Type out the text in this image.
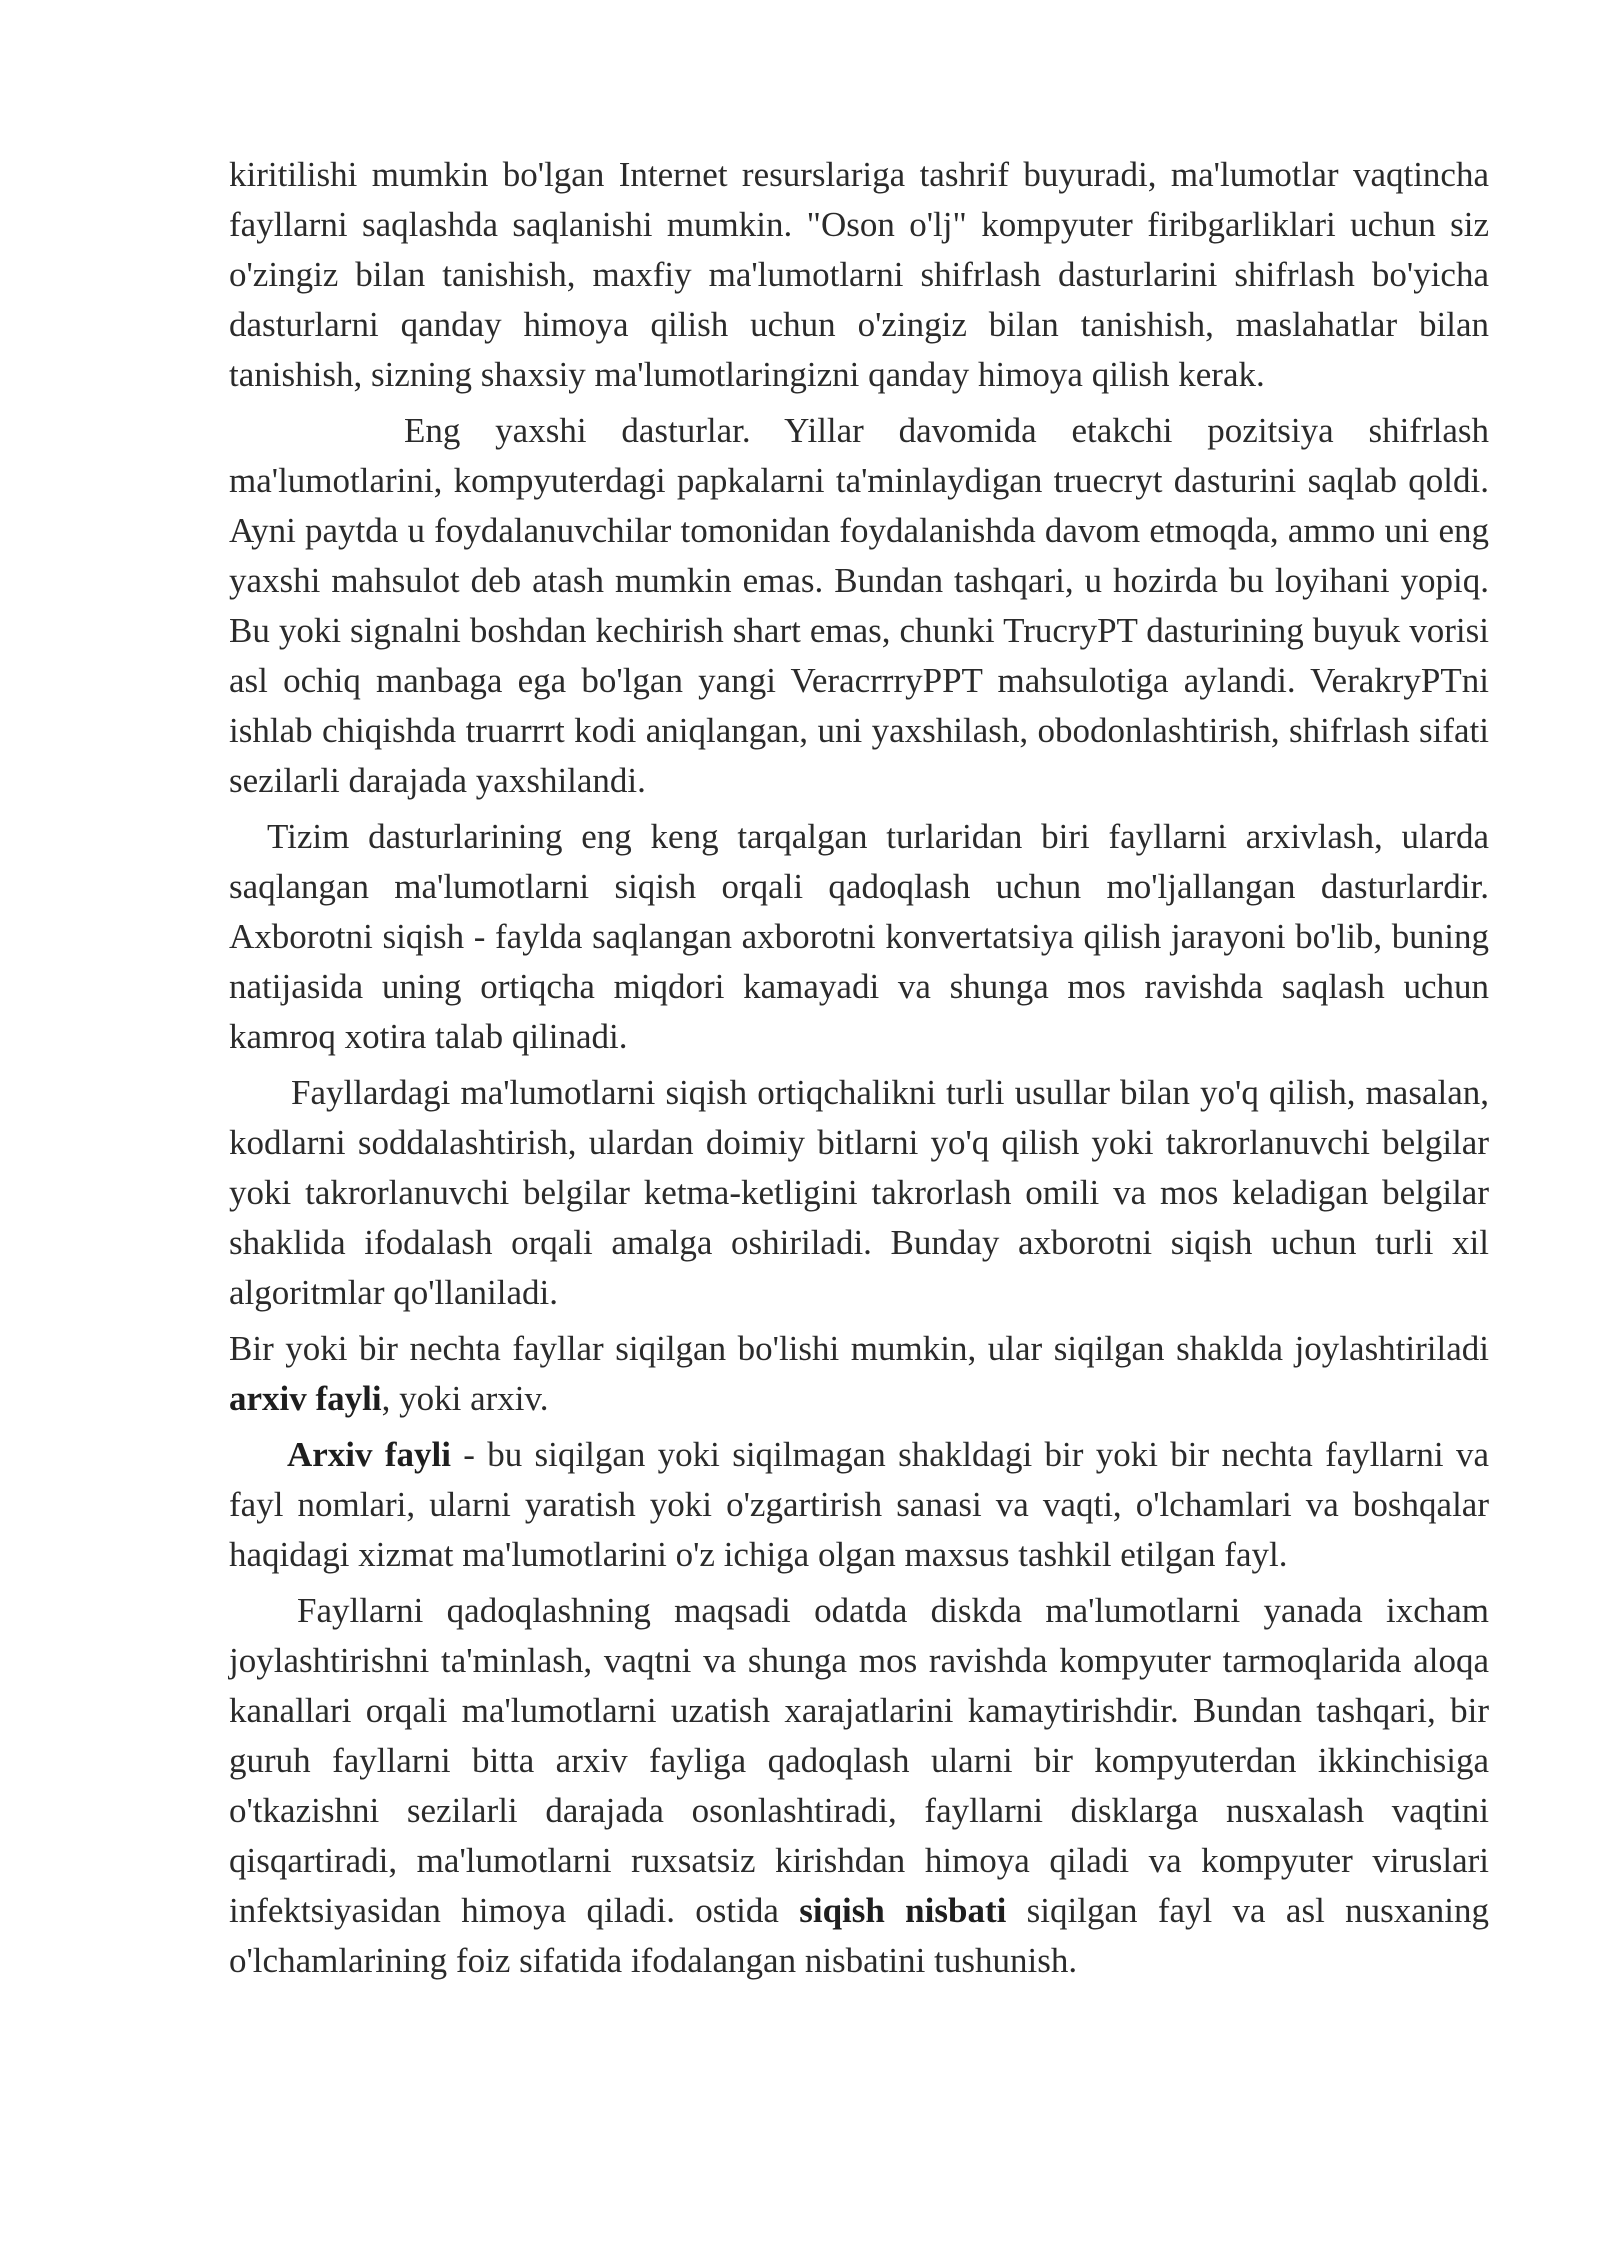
kiritilishi mumkin bo'lgan Internet resurslariga tashrif buyuradi, ma'lumotlar vaqtincha fayllarni saqlashda saqlanishi mumkin. "Oson o'lj" kompyuter firibgarliklari uchun siz o'zingiz bilan tanishish, maxfiy ma'lumotlarni shifrlash dasturlarini shifrlash bo'yicha dasturlarni qanday himoya qilish uchun o'zingiz bilan tanishish, maslahatlar bilan tanishish, sizning shaxsiy ma'lumotlaringizni qanday himoya qilish kerak.

Eng yaxshi dasturlar. Yillar davomida etakchi pozitsiya shifrlash ma'lumotlarini, kompyuterdagi papkalarni ta'minlaydigan truecryt dasturini saqlab qoldi. Ayni paytda u foydalanuvchilar tomonidan foydalanishda davom etmoqda, ammo uni eng yaxshi mahsulot deb atash mumkin emas. Bundan tashqari, u hozirda bu loyihani yopiq. Bu yoki signalni boshdan kechirish shart emas, chunki TrucryPT dasturining buyuk vorisi asl ochiq manbaga ega bo'lgan yangi VeracrrryPPT mahsulotiga aylandi. VerakryPTni ishlab chiqishda truarrrt kodi aniqlangan, uni yaxshilash, obodonlashtirish, shifrlash sifati sezilarli darajada yaxshilandi.

Tizim dasturlarining eng keng tarqalgan turlaridan biri fayllarni arxivlash, ularda saqlangan ma'lumotlarni siqish orqali qadoqlash uchun mo'ljallangan dasturlardir. Axborotni siqish - faylda saqlangan axborotni konvertatsiya qilish jarayoni bo'lib, buning natijasida uning ortiqcha miqdori kamayadi va shunga mos ravishda saqlash uchun kamroq xotira talab qilinadi.

Fayllardagi ma'lumotlarni siqish ortiqchalikni turli usullar bilan yo'q qilish, masalan, kodlarni soddalashtirish, ulardan doimiy bitlarni yo'q qilish yoki takrorlanuvchi belgilar yoki takrorlanuvchi belgilar ketma-ketligini takrorlash omili va mos keladigan belgilar shaklida ifodalash orqali amalga oshiriladi. Bunday axborotni siqish uchun turli xil algoritmlar qo'llaniladi.

Bir yoki bir nechta fayllar siqilgan bo'lishi mumkin, ular siqilgan shaklda joylashtiriladi arxiv fayli, yoki arxiv.

Arxiv fayli - bu siqilgan yoki siqilmagan shakldagi bir yoki bir nechta fayllarni va fayl nomlari, ularni yaratish yoki o'zgartirish sanasi va vaqti, o'lchamlari va boshqalar haqidagi xizmat ma'lumotlarini o'z ichiga olgan maxsus tashkil etilgan fayl.

Fayllarni qadoqlashning maqsadi odatda diskda ma'lumotlarni yanada ixcham joylashtirishni ta'minlash, vaqtni va shunga mos ravishda kompyuter tarmoqlarida aloqa kanallari orqali ma'lumotlarni uzatish xarajatlarini kamaytirishdir. Bundan tashqari, bir guruh fayllarni bitta arxiv fayliga qadoqlash ularni bir kompyuterdan ikkinchisiga o'tkazishni sezilarli darajada osonlashtiradi, fayllarni disklarga nusxalash vaqtini qisqartiradi, ma'lumotlarni ruxsatsiz kirishdan himoya qiladi va kompyuter viruslari infektsiyasidan himoya qiladi. ostida siqish nisbati siqilgan fayl va asl nusxaning o'lchamlarining foiz sifatida ifodalangan nisbatini tushunish.
